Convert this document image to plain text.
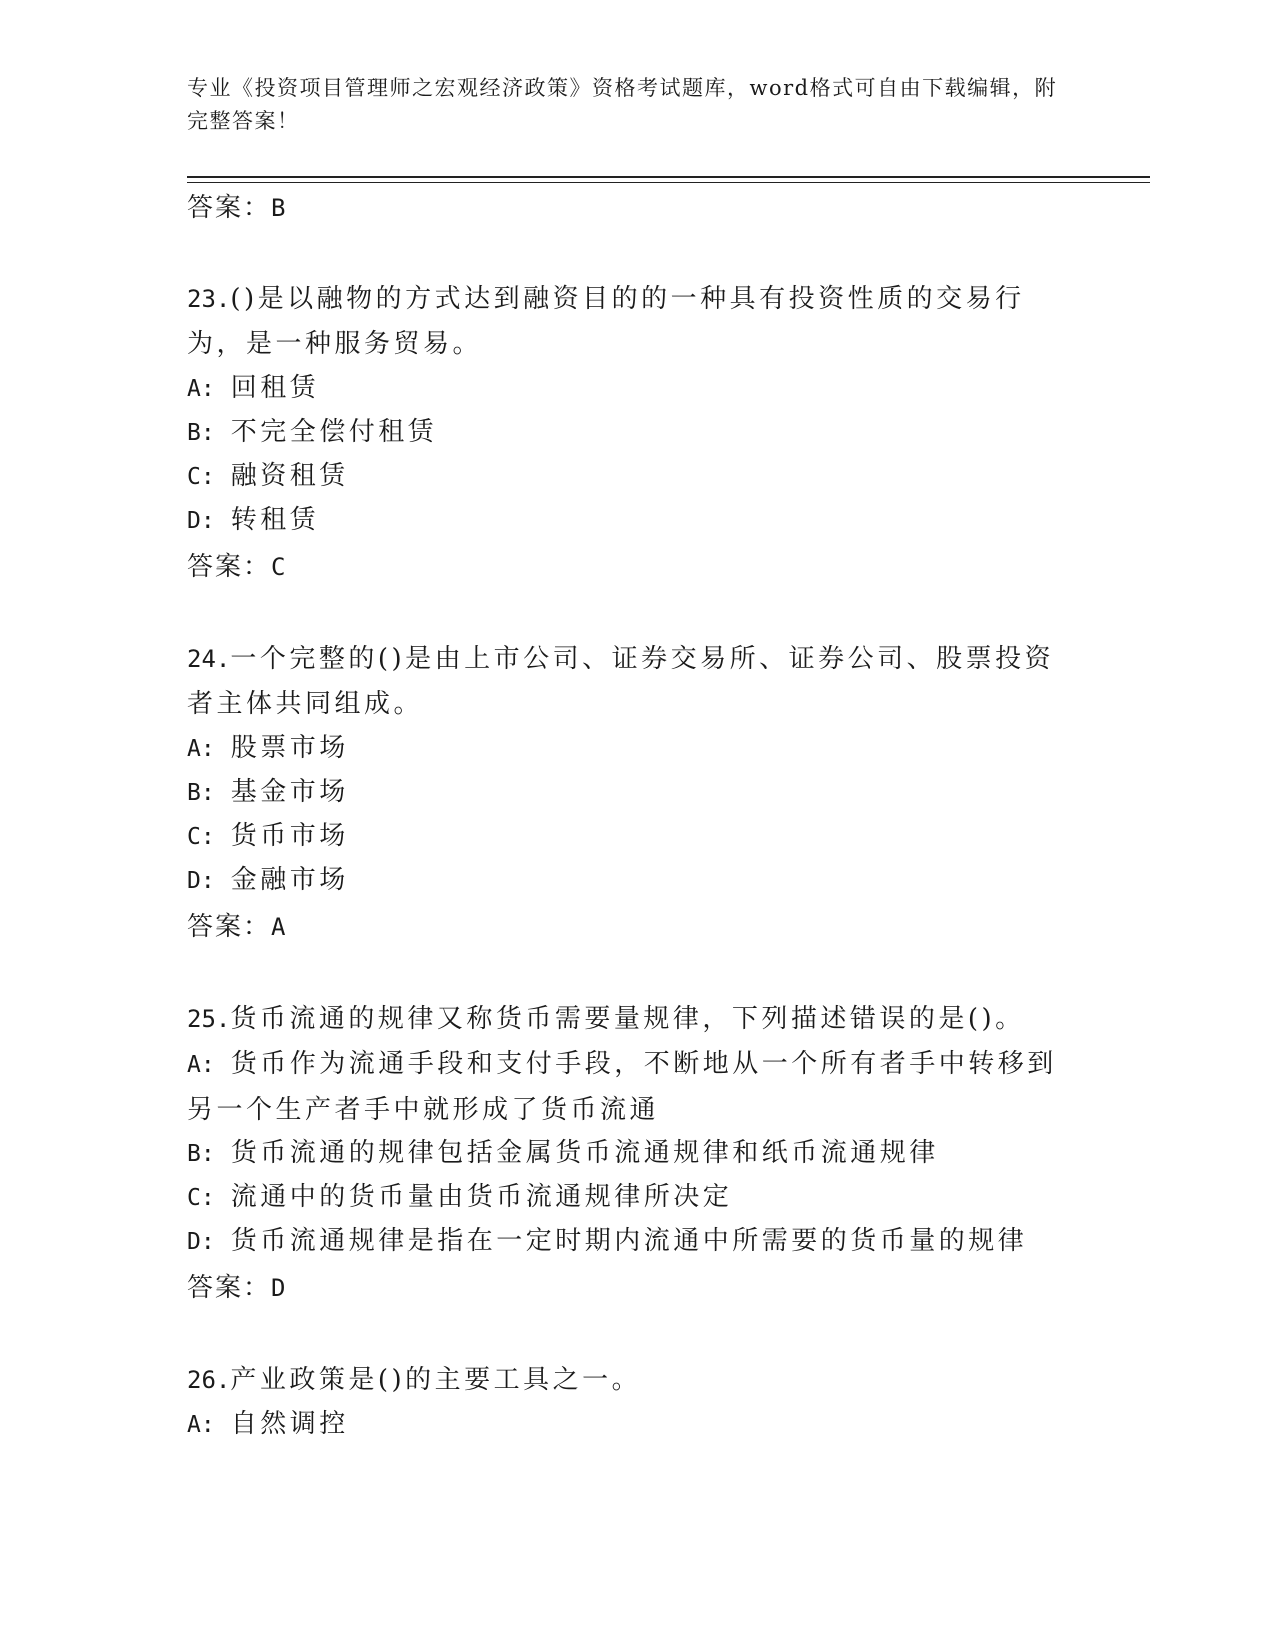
专业《投资项目管理师之宏观经济政策》资格考试题库，word格式可自由下载编辑，附完整答案！
答案：B
23.()是以融物的方式达到融资目的的一种具有投资性质的交易行为，是一种服务贸易。
A: 回租赁
B: 不完全偿付租赁
C: 融资租赁
D: 转租赁
答案：C
24.一个完整的()是由上市公司、证券交易所、证券公司、股票投资者主体共同组成。
A: 股票市场
B: 基金市场
C: 货币市场
D: 金融市场
答案：A
25.货币流通的规律又称货币需要量规律，下列描述错误的是()。
A: 货币作为流通手段和支付手段，不断地从一个所有者手中转移到另一个生产者手中就形成了货币流通
B: 货币流通的规律包括金属货币流通规律和纸币流通规律
C: 流通中的货币量由货币流通规律所决定
D: 货币流通规律是指在一定时期内流通中所需要的货币量的规律
答案：D
26.产业政策是()的主要工具之一。
A: 自然调控
